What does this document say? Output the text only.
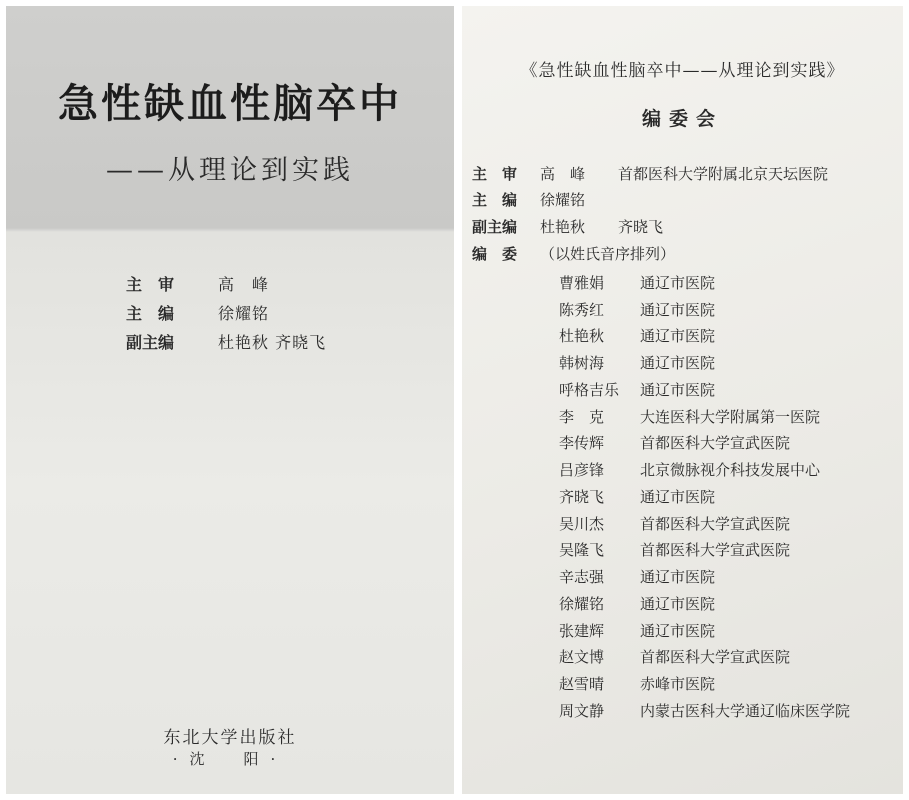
急性缺血性脑卒中
——从理论到实践
主　审	高　峰
主　编	徐耀铭
副主编	杜艳秋 齐晓飞
东北大学出版社
·沈　阳·
《急性缺血性脑卒中——从理论到实践》
编委会
主　审	高　峰	首都医科大学附属北京天坛医院
主　编	徐耀铭
副主编	杜艳秋	齐晓飞
编　委	（以姓氏音序排列）
曹雅娟	通辽市医院
陈秀红	通辽市医院
杜艳秋	通辽市医院
韩树海	通辽市医院
呼格吉乐	通辽市医院
李　克	大连医科大学附属第一医院
李传辉	首都医科大学宣武医院
吕彦锋	北京微脉视介科技发展中心
齐晓飞	通辽市医院
吴川杰	首都医科大学宣武医院
吴隆飞	首都医科大学宣武医院
辛志强	通辽市医院
徐耀铭	通辽市医院
张建辉	通辽市医院
赵文博	首都医科大学宣武医院
赵雪晴	赤峰市医院
周文静	内蒙古医科大学通辽临床医学院
